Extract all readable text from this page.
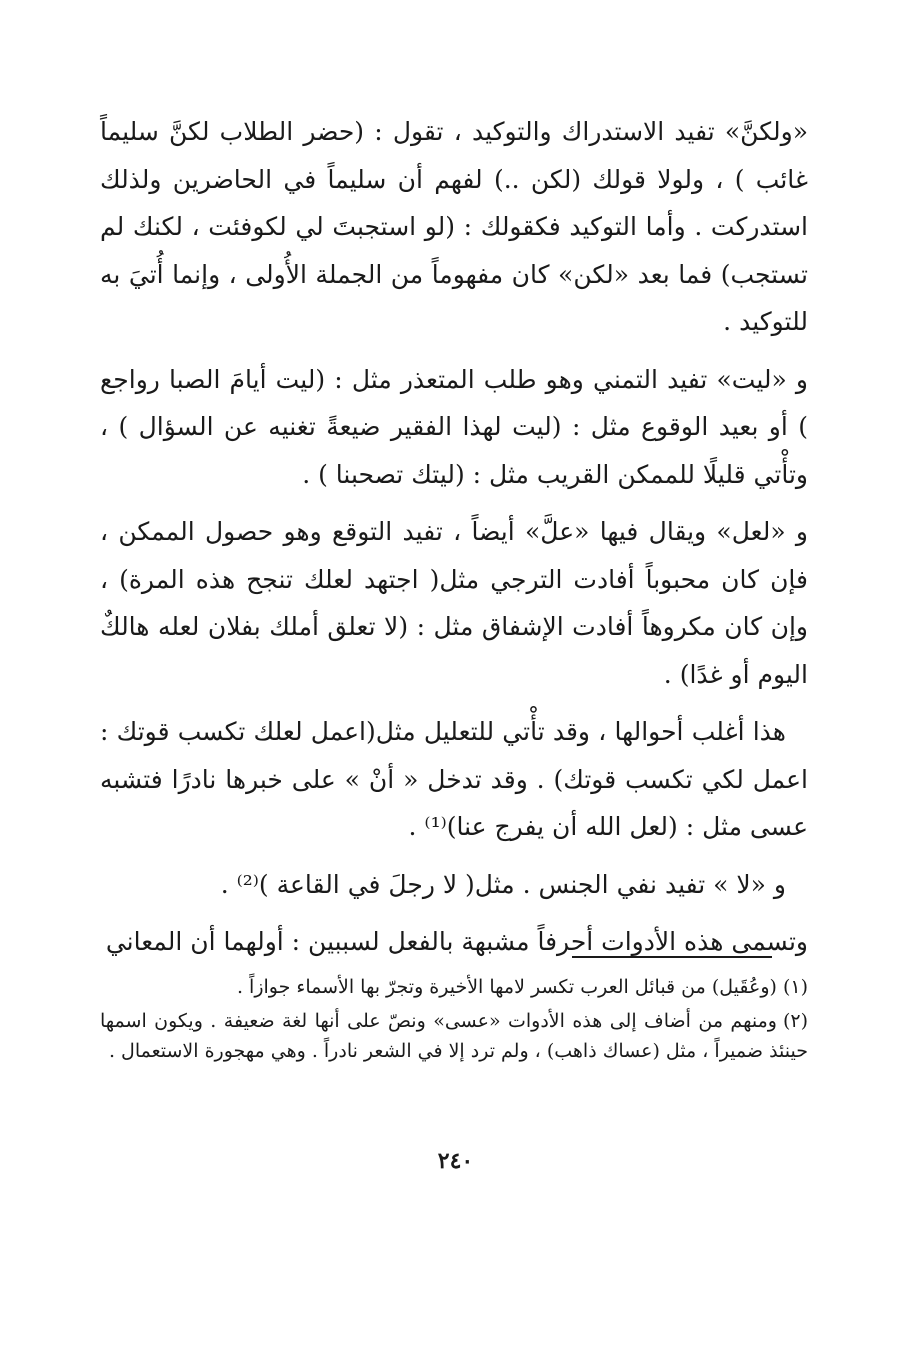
«ولكنَّ» تفيد الاستدراك والتوكيد ، تقول : (حضر الطلاب لكنَّ سليماً غائب ) ، ولولا قولك (لكن ..) لفهم أن سليماً في الحاضرين ولذلك استدركت . وأما التوكيد فكقولك : (لو استجبتَ لي لكوفئت ، لكنك لم تستجب) فما بعد «لكن» كان مفهوماً من الجملة الأُولى ، وإنما أُتيَ به للتوكيد .

و «ليت» تفيد التمني وهو طلب المتعذر مثل : (ليت أيامَ الصبا رواجع ) أو بعيد الوقوع مثل : (ليت لهذا الفقير ضيعةً تغنيه عن السؤال ) ، وتأْتي قليلًا للممكن القريب مثل : (ليتك تصحبنا ) .

و «لعل» ويقال فيها «علَّ» أيضاً ، تفيد التوقع وهو حصول الممكن ، فإن كان محبوباً أفادت الترجي مثل( اجتهد لعلك تنجح هذه المرة) ، وإن كان مكروهاً أفادت الإشفاق مثل : (لا تعلق أملك بفلان لعله هالكٌ اليوم أو غدًا) .

هذا أغلب أحوالها ، وقد تأْتي للتعليل مثل(اعمل لعلك تكسب قوتك : اعمل لكي تكسب قوتك) . وقد تدخل « أنْ » على خبرها نادرًا فتشبه عسى مثل : (لعل الله أن يفرج عنا)⁽¹⁾ .

و «لا » تفيد نفي الجنس . مثل( لا رجلَ في القاعة )⁽²⁾ .

وتسمى هذه الأدوات أحرفاً مشبهة بالفعل لسببين : أولهما أن المعاني

(١)(وعُقَيل) من قبائل العرب تكسر لامها الأخيرة وتجرّ بها الأسماء جوازاً .

(٢)ومنهم من أضاف إلى هذه الأدوات «عسى» ونصّ على أنها لغة ضعيفة . ويكون اسمها حينئذ ضميراً ، مثل (عساك ذاهب) ، ولم ترد إلا في الشعر نادراً . وهي مهجورة الاستعمال .

٢٤٠
